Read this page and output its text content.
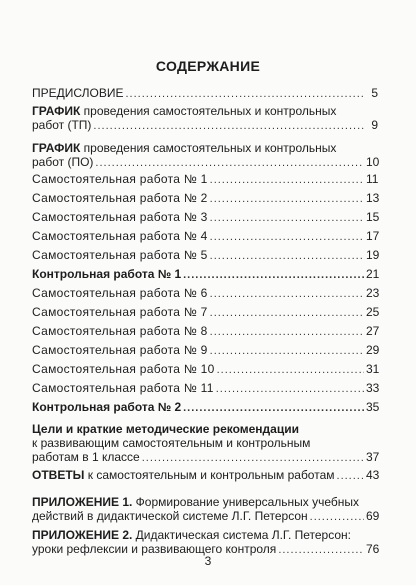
СОДЕРЖАНИЕ
ПРЕДИСЛОВИЕ .....	5
ГРАФИК проведения самостоятельных и контрольных
работ (ТП) .....	9
ГРАФИК проведения самостоятельных и контрольных
работ (ПО) .....	10
Самостоятельная работа № 1 .....	11
Самостоятельная работа № 2 .....	13
Самостоятельная работа № 3 .....	15
Самостоятельная работа № 4 .....	17
Самостоятельная работа № 5 .....	19
Контрольная работа № 1 .....	21
Самостоятельная работа № 6 .....	23
Самостоятельная работа № 7 .....	25
Самостоятельная работа № 8 .....	27
Самостоятельная работа № 9 .....	29
Самостоятельная работа № 10 .....	31
Самостоятельная работа № 11 .....	33
Контрольная работа № 2 .....	35
Цели и краткие методические рекомендации
к развивающим самостоятельным и контрольным
работам в 1 классе .....	37
ОТВЕТЫ к самостоятельным и контрольным работам .....	43
ПРИЛОЖЕНИЕ 1. Формирование универсальных учебных
действий в дидактической системе Л.Г. Петерсон .....	69
ПРИЛОЖЕНИЕ 2. Дидактическая система Л.Г. Петерсон:
уроки рефлексии и развивающего контроля .....	76
3
